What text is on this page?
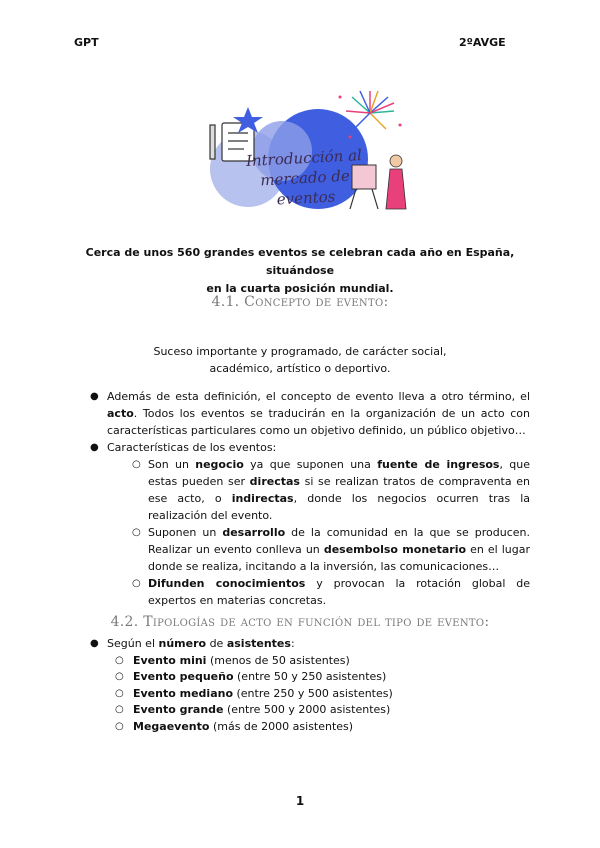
GPT	2ºAVGE
Introducción al
mercado de eventos
Cerca de unos 560 grandes eventos se celebran cada año en España, situándose
en la cuarta posición mundial.
4.1. Concepto de evento:
Suceso importante y programado, de carácter social,
académico, artístico o deportivo.
● Además de esta definición, el concepto de evento lleva a otro término, el acto. Todos los eventos se traducirán en la organización de un acto con características particulares como un objetivo definido, un público objetivo…

● Características de los eventos:

○ Son un negocio ya que suponen una fuente de ingresos, que estas pueden ser directas si se realizan tratos de compraventa en ese acto, o indirectas, donde los negocios ocurren tras la realización del evento.

○ Suponen un desarrollo de la comunidad en la que se producen. Realizar un evento conlleva un desembolso monetario en el lugar donde se realiza, incitando a la inversión, las comunicaciones…

○ Difunden conocimientos y provocan la rotación global de expertos en materias concretas.

4.2. Tipologías de acto en función del tipo de evento:
● Según el número de asistentes:
○ Evento mini (menos de 50 asistentes)
○ Evento pequeño (entre 50 y 250 asistentes)
○ Evento mediano (entre 250 y 500 asistentes)
○ Evento grande (entre 500 y 2000 asistentes)
○ Megaevento (más de 2000 asistentes)
1
